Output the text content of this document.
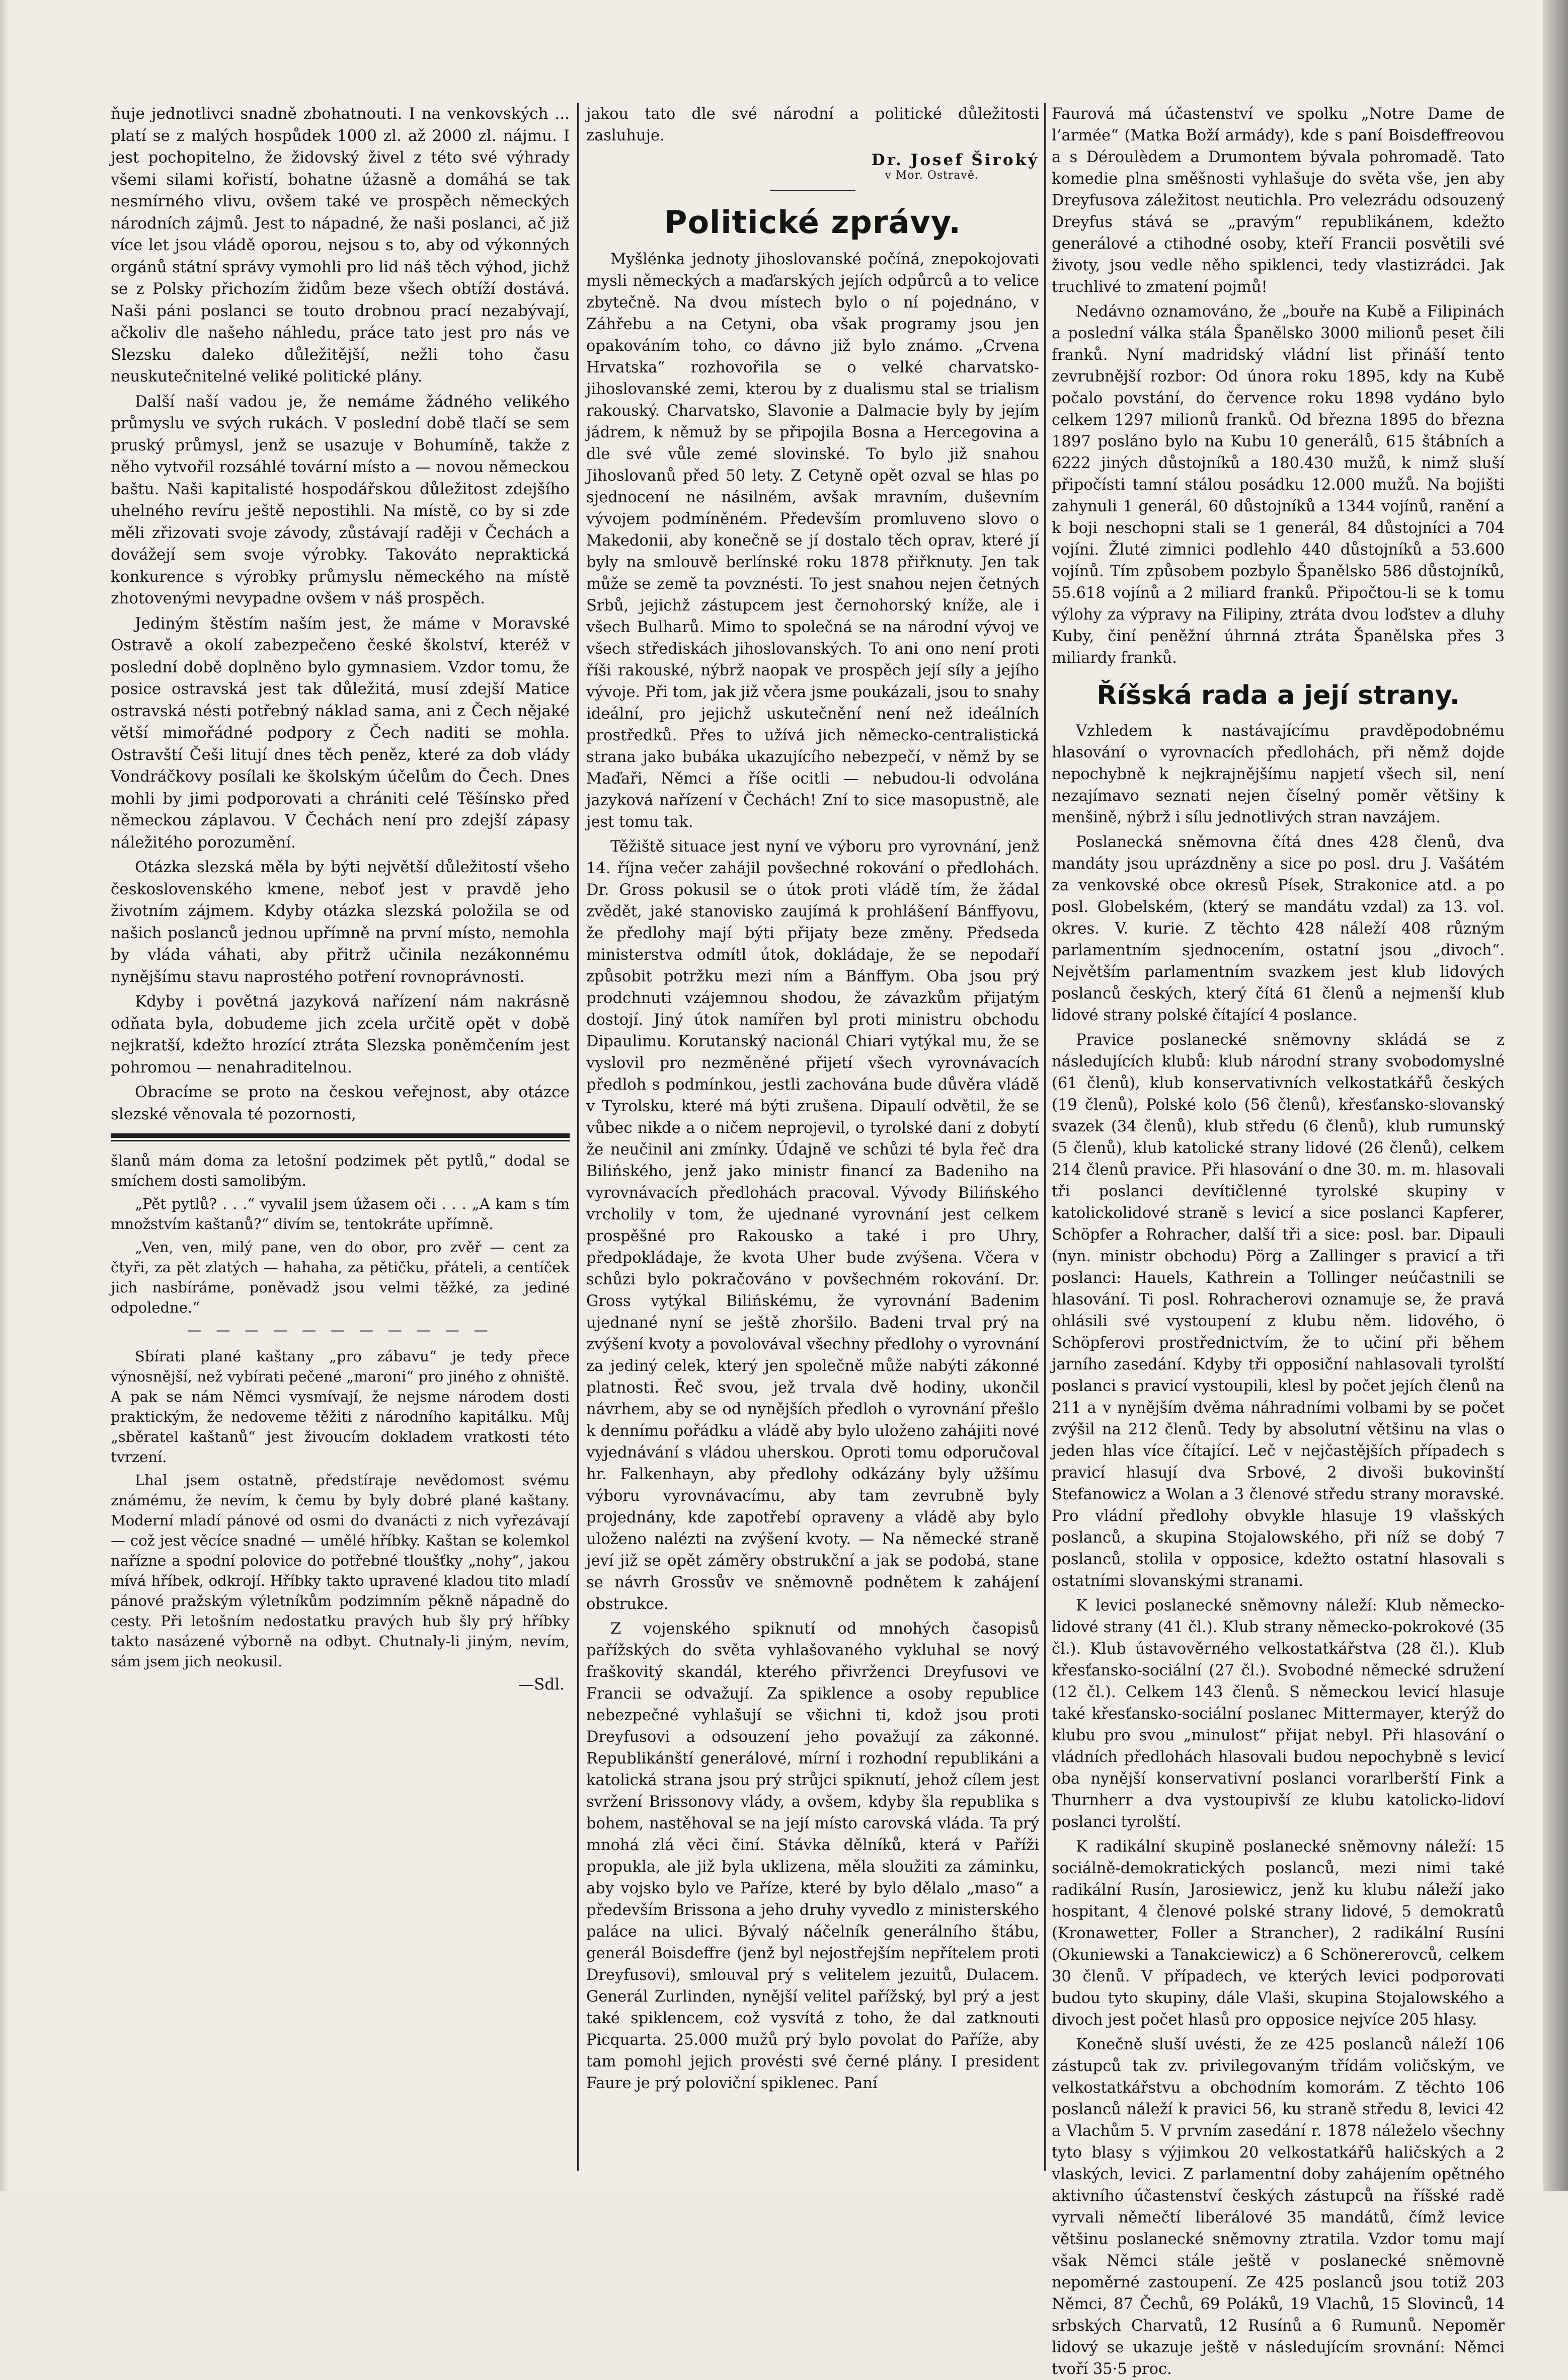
ňuje jednotlivci snadně zbohatnouti. I na venkovských ... platí se z malých hospůdek 1000 zl. až 2000 zl. nájmu. I jest pochopitelno, že židovský živel z této své výhrady všemi silami kořistí, bohatne úžasně a domáhá se tak nesmírného vlivu, ovšem také ve prospěch německých národních zájmů. Jest to nápadné, že naši poslanci, ač již více let jsou vládě oporou, nejsou s to, aby od výkonných orgánů státní správy vymohli pro lid náš těch výhod, jichž se z Polsky přichozím židům beze všech obtíží dostává. Naši páni poslanci se touto drobnou prací nezabývají, ačkoliv dle našeho náhledu, práce tato jest pro nás ve Slezsku daleko důležitější, nežli toho času neuskutečnitelné veliké politické plány.

Další naší vadou je, že nemáme žádného velikého průmyslu ve svých rukách. V poslední době tlačí se sem pruský průmysl, jenž se usazuje v Bohumíně, takže z něho vytvořil rozsáhlé tovární místo a — novou německou baštu. Naši kapitalisté hospodářskou důležitost zdejšího uhelného revíru ještě nepostihli. Na místě, co by si zde měli zřizovati svoje závody, zůstávají raději v Čechách a dovážejí sem svoje výrobky. Takováto nepraktická konkurence s výrobky průmyslu německého na místě zhotovenými nevypadne ovšem v náš prospěch.

Jediným štěstím naším jest, že máme v Moravské Ostravě a okolí zabezpečeno české školství, kteréž v poslední době doplněno bylo gymnasiem. Vzdor tomu, že posice ostravská jest tak důležitá, musí zdejší Matice ostravská nésti potřebný náklad sama, ani z Čech nějaké větší mimořádné podpory z Čech naditi se mohla. Ostravští Češi litují dnes těch peněz, které za dob vlády Vondráčkovy posílali ke školským účelům do Čech. Dnes mohli by jimi podporovati a chrániti celé Těšínsko před německou záplavou. V Čechách není pro zdejší zápasy náležitého porozumění.

Otázka slezská měla by býti největší důležitostí všeho československého kmene, neboť jest v pravdě jeho životním zájmem. Kdyby otázka slezská položila se od našich poslanců jednou upřímně na první místo, nemohla by vláda váhati, aby přitrž učinila nezákonnému nynějšímu stavu naprostého potření rovnoprávnosti.

Kdyby i povětná jazyková nařízení nám nakrásně odňata byla, dobudeme jich zcela určitě opět v době nejkratší, kdežto hrozící ztráta Slezska poněmčením jest pohromou — nenahraditelnou.

Obracíme se proto na českou veřejnost, aby otázce slezské věnovala té pozornosti,

šlanů mám doma za letošní podzimek pět pytlů,“ dodal se smíchem dosti samolibým.

„Pět pytlů? . . .“ vyvalil jsem úžasem oči . . . „A kam s tím množstvím kaštanů?“ divím se, tentokráte upřímně.

„Ven, ven, milý pane, ven do obor, pro zvěř — cent za čtyři, za pět zlatých — hahaha, za pětičku, přáteli, a centíček jich nasbíráme, poněvadž jsou velmi těžké, za jediné odpoledne.“

— — — — — — — — — — —

Sbírati plané kaštany „pro zábavu“ je tedy přece výnosnější, než vybírati pečené „maroni“ pro jiného z ohniště. A pak se nám Němci vysmívají, že nejsme národem dosti praktickým, že nedoveme těžiti z národního kapitálku. Můj „sběratel kaštanů“ jest živoucím dokladem vratkosti této tvrzení.

Lhal jsem ostatně, předstíraje nevědomost svému známému, že nevím, k čemu by byly dobré plané kaštany. Moderní mladí pánové od osmi do dvanácti z nich vyřezávají — což jest věcíce snadné — umělé hříbky. Kaštan se kolemkol nařízne a spodní polovice do potřebné tloušťky „nohy“, jakou mívá hříbek, odkrojí. Hříbky takto upravené kladou tito mladí pánové pražským výletníkům podzimním pěkně nápadně do cesty. Při letošním nedostatku pravých hub šly prý hříbky takto nasázené výborně na odbyt. Chutnaly-li jiným, nevím, sám jsem jich neokusil.

—Sdl.

jakou tato dle své národní a politické důležitosti zasluhuje.

Dr. Josef Široký
v Mor. Ostravě.
Politické zprávy.

Myšlénka jednoty jihoslovanské počíná, znepokojovati mysli německých a maďarských jejích odpůrců a to velice zbytečně. Na dvou místech bylo o ní pojednáno, v Záhřebu a na Cetyni, oba však programy jsou jen opakováním toho, co dávno již bylo známo. „Crvena Hrvatska“ rozhovořila se o velké charvatsko-jihoslovanské zemi, kterou by z dualismu stal se trialism rakouský. Charvatsko, Slavonie a Dalmacie byly by jejím jádrem, k němuž by se připojila Bosna a Hercegovina a dle své vůle zemé slovinské. To bylo již snahou Jihoslovanů před 50 lety. Z Cetyně opět ozval se hlas po sjednocení ne násilném, avšak mravním, duševním vývojem podmíněném. Především promluveno slovo o Makedonii, aby konečně se jí dostalo těch oprav, které jí byly na smlouvě berlínské roku 1878 přiřknuty. Jen tak může se země ta povznésti. To jest snahou nejen četných Srbů, jejichž zástupcem jest černohorský kníže, ale i všech Bulharů. Mimo to společná se na národní vývoj ve všech střediskách jihoslovanských. To ani ono není proti říši rakouské, nýbrž naopak ve prospěch její síly a jejího vývoje. Při tom, jak již včera jsme poukázali, jsou to snahy ideální, pro jejichž uskutečnění není než ideálních prostředků. Přes to užívá jich německo-centralistická strana jako bubáka ukazujícího nebezpečí, v němž by se Maďaři, Němci a říše ocitli — nebudou-li odvolána jazyková nařízení v Čechách! Zní to sice masopustně, ale jest tomu tak.

Těžiště situace jest nyní ve výboru pro vyrovnání, jenž 14. října večer zahájil povšechné rokování o předlohách. Dr. Gross pokusil se o útok proti vládě tím, že žádal zvědět, jaké stanovisko zaujímá k prohlášení Bánffyovu, že předlohy mají býti přijaty beze změny. Předseda ministerstva odmítl útok, dokládaje, že se nepodaří způsobit potržku mezi ním a Bánffym. Oba jsou prý prodchnuti vzájemnou shodou, že závazkům přijatým dostojí. Jiný útok namířen byl proti ministru obchodu Dipaulimu. Korutanský nacionál Chiari vytýkal mu, že se vyslovil pro nezměněné přijetí všech vyrovnávacích předloh s podmínkou, jestli zachována bude důvěra vládě v Tyrolsku, které má býti zrušena. Dipaulí odvětil, že se vůbec nikde a o ničem neprojevil, o tyrolské dani z dobytí že neučinil ani zmínky. Údajně ve schůzi té byla řeč dra Bilińského, jenž jako ministr financí za Badeniho na vyrovnávacích předlohách pracoval. Vývody Bilińského vrcholily v tom, že ujednané vyrovnání jest celkem prospěšné pro Rakousko a také i pro Uhry, předpokládaje, že kvota Uher bude zvýšena. Včera v schůzi bylo pokračováno v povšechném rokování. Dr. Gross vytýkal Bilińskému, že vyrovnání Badenim ujednané nyní se ještě zhoršilo. Badeni trval prý na zvýšení kvoty a povolovával všechny předlohy o vyrovnání za jediný celek, který jen společně může nabýti zákonné platnosti. Řeč svou, jež trvala dvě hodiny, ukončil návrhem, aby se od nynějších předloh o vyrovnání přešlo k dennímu pořádku a vládě aby bylo uloženo zahájiti nové vyjednávání s vládou uherskou. Oproti tomu odporučoval hr. Falkenhayn, aby předlohy odkázány byly užšímu výboru vyrovnávacímu, aby tam zevrubně byly projednány, kde zapotřebí opraveny a vládě aby bylo uloženo nalézti na zvýšení kvoty. — Na německé straně jeví již se opět záměry obstrukční a jak se podobá, stane se návrh Grossův ve sněmovně podnětem k zahájení obstrukce.

Z vojenského spiknutí od mnohých časopisů pařížských do světa vyhlašovaného vykluhal se nový fraškovitý skandál, kterého přivrženci Dreyfusovi ve Francii se odvažují. Za spiklence a osoby republice nebezpečné vyhlašují se všichni ti, kdož jsou proti Dreyfusovi a odsouzení jeho považují za zákonné. Republikánští generálové, mírní i rozhodní republikáni a katolická strana jsou prý strůjci spiknutí, jehož cílem jest svržení Brissonovy vlády, a ovšem, kdyby šla republika s bohem, nastěhoval se na její místo carovská vláda. Ta prý mnohá zlá věci činí. Stávka dělníků, která v Paříži propukla, ale již byla uklizena, měla sloužiti za záminku, aby vojsko bylo ve Paříze, které by bylo dělalo „maso“ a především Brissona a jeho druhy vyvedlo z ministerského paláce na ulici. Bývalý náčelník generálního štábu, generál Boisdeffre (jenž byl nejostřejším nepřítelem proti Dreyfusovi), smlouval prý s velitelem jezuitů, Dulacem. Generál Zurlinden, nynější velitel pařížský, byl prý a jest také spiklencem, což vysvítá z toho, že dal zatknouti Picquarta. 25.000 mužů prý bylo povolat do Paříže, aby tam pomohl jejich provésti své černé plány. I president Faure je prý poloviční spiklenec. Paní

Faurová má účastenství ve spolku „Notre Dame de l’armée“ (Matka Boží armády), kde s paní Boisdeffreovou a s Déroulèdem a Drumontem bývala pohromadě. Tato komedie plna směšnosti vyhlašuje do světa vše, jen aby Dreyfusova záležitost neutichla. Pro velezrádu odsouzený Dreyfus stává se „pravým“ republikánem, kdežto generálové a ctihodné osoby, kteří Francii posvětili své životy, jsou vedle něho spiklenci, tedy vlastizrádci. Jak truchlivé to zmatení pojmů!

Nedávno oznamováno, že „bouře na Kubě a Filipinách a poslední válka stála Španělsko 3000 milionů peset čili franků. Nyní madridský vládní list přináší tento zevrubnější rozbor: Od února roku 1895, kdy na Kubě počalo povstání, do července roku 1898 vydáno bylo celkem 1297 milionů franků. Od března 1895 do března 1897 posláno bylo na Kubu 10 generálů, 615 štábních a 6222 jiných důstojníků a 180.430 mužů, k nimž sluší připočísti tamní stálou posádku 12.000 mužů. Na bojišti zahynuli 1 generál, 60 důstojníků a 1344 vojínů, ranění a k boji neschopni stali se 1 generál, 84 důstojníci a 704 vojíni. Žluté zimnici podlehlo 440 důstojníků a 53.600 vojínů. Tím způsobem pozbylo Španělsko 586 důstojníků, 55.618 vojínů a 2 miliard franků. Připočtou-li se k tomu výlohy za výpravy na Filipiny, ztráta dvou loďstev a dluhy Kuby, činí peněžní úhrnná ztráta Španělska přes 3 miliardy franků.

Říšská rada a její strany.

Vzhledem k nastávajícímu pravděpodobnému hlasování o vyrovnacích předlohách, při němž dojde nepochybně k nejkrajnějšímu napjetí všech sil, není nezajímavo seznati nejen číselný poměr většiny k menšině, nýbrž i sílu jednotlivých stran navzájem.

Poslanecká sněmovna čítá dnes 428 členů, dva mandáty jsou uprázdněny a sice po posl. dru J. Vašátém za venkovské obce okresů Písek, Strakonice atd. a po posl. Globelském, (který se mandátu vzdal) za 13. vol. okres. V. kurie. Z těchto 428 náleží 408 různým parlamentním sjednocením, ostatní jsou „divoch“. Největším parlamentním svazkem jest klub lidových poslanců českých, který čítá 61 členů a nejmenší klub lidové strany polské čítající 4 poslance.

Pravice poslanecké sněmovny skládá se z následujících klubů: klub národní strany svobodomyslné (61 členů), klub konservativních velkostatkářů českých (19 členů), Polské kolo (56 členů), křesťansko-slovanský svazek (34 členů), klub středu (6 členů), klub rumunský (5 členů), klub katolické strany lidové (26 členů), celkem 214 členů pravice. Při hlasování o dne 30. m. m. hlasovali tři poslanci devítičlenné tyrolské skupiny v katolickolidové straně s levicí a sice poslanci Kapferer, Schöpfer a Rohracher, další tři a sice: posl. bar. Dipauli (nyn. ministr obchodu) Pörg a Zallinger s pravicí a tři poslanci: Hauels, Kathrein a Tollinger neúčastnili se hlasování. Ti posl. Rohracherovi oznamuje se, že pravá ohlásili své vystoupení z klubu něm. lidového, ö Schöpferovi prostřednictvím, že to učiní při během jarního zasedání. Kdyby tři opposiční nahlasovali tyrolští poslanci s pravicí vystoupili, klesl by počet jejích členů na 211 a v nynějším dvěma náhradními volbami by se počet zvýšil na 212 členů. Tedy by absolutní většinu na vlas o jeden hlas více čítající. Leč v nejčastějších případech s pravicí hlasují dva Srbové, 2 divoši bukovinští Stefanowicz a Wolan a 3 členové středu strany moravské. Pro vládní předlohy obvykle hlasuje 19 vlašských poslanců, a skupina Stojalowského, při níž se dobý 7 poslanců, stolila v opposice, kdežto ostatní hlasovali s ostatními slovanskými stranami.

K levici poslanecké sněmovny náleží: Klub německo-lidové strany (41 čl.). Klub strany německo-pokrokové (35 čl.). Klub ústavověrného velkostatkářstva (28 čl.). Klub křesťansko-sociální (27 čl.). Svobodné německé sdružení (12 čl.). Celkem 143 členů. S německou levicí hlasuje také křesťansko-sociální poslanec Mittermayer, kterýž do klubu pro svou „minulost“ přijat nebyl. Při hlasování o vládních předlohách hlasovali budou nepochybně s levicí oba nynější konservativní poslanci vorarlberští Fink a Thurnherr a dva vystoupivší ze klubu katolicko-lidoví poslanci tyrolští.

K radikální skupině poslanecké sněmovny náleží: 15 sociálně-demokratických poslanců, mezi nimi také radikální Rusín, Jarosiewicz, jenž ku klubu náleží jako hospitant, 4 členové polské strany lidové, 5 demokratů (Kronawetter, Foller a Strancher), 2 radikální Rusíni (Okuniewski a Tanakciewicz) a 6 Schönererovců, celkem 30 členů. V případech, ve kterých levici podporovati budou tyto skupiny, dále Vlaši, skupina Stojalowského a divoch jest počet hlasů pro opposice nejvíce 205 hlasy.

Konečně sluší uvésti, že ze 425 poslanců náleží 106 zástupců tak zv. privilegovaným třídám voličským, ve velkostatkářstvu a obchodním komorám. Z těchto 106 poslanců náleží k pravici 56, ku straně středu 8, levici 42 a Vlachům 5. V prvním zasedání r. 1878 náleželo všechny tyto blasy s výjimkou 20 velkostatkářů haličských a 2 vlaských, levici. Z parlamentní doby zahájením opětného aktivního účastenství českých zástupců na říšské radě vyrvali němečtí liberálové 35 mandátů, čímž levice většinu poslanecké sněmovny ztratila. Vzdor tomu mají však Němci stále ještě v poslanecké sněmovně nepoměrné zastoupení. Ze 425 poslanců jsou totiž 203 Němci, 87 Čechů, 69 Poláků, 19 Vlachů, 15 Slovinců, 14 srbských Charvatů, 12 Rusínů a 6 Rumunů. Nepoměr lidový se ukazuje ještě v následujícím srovnání: Němci tvoří 35·5 proc.
